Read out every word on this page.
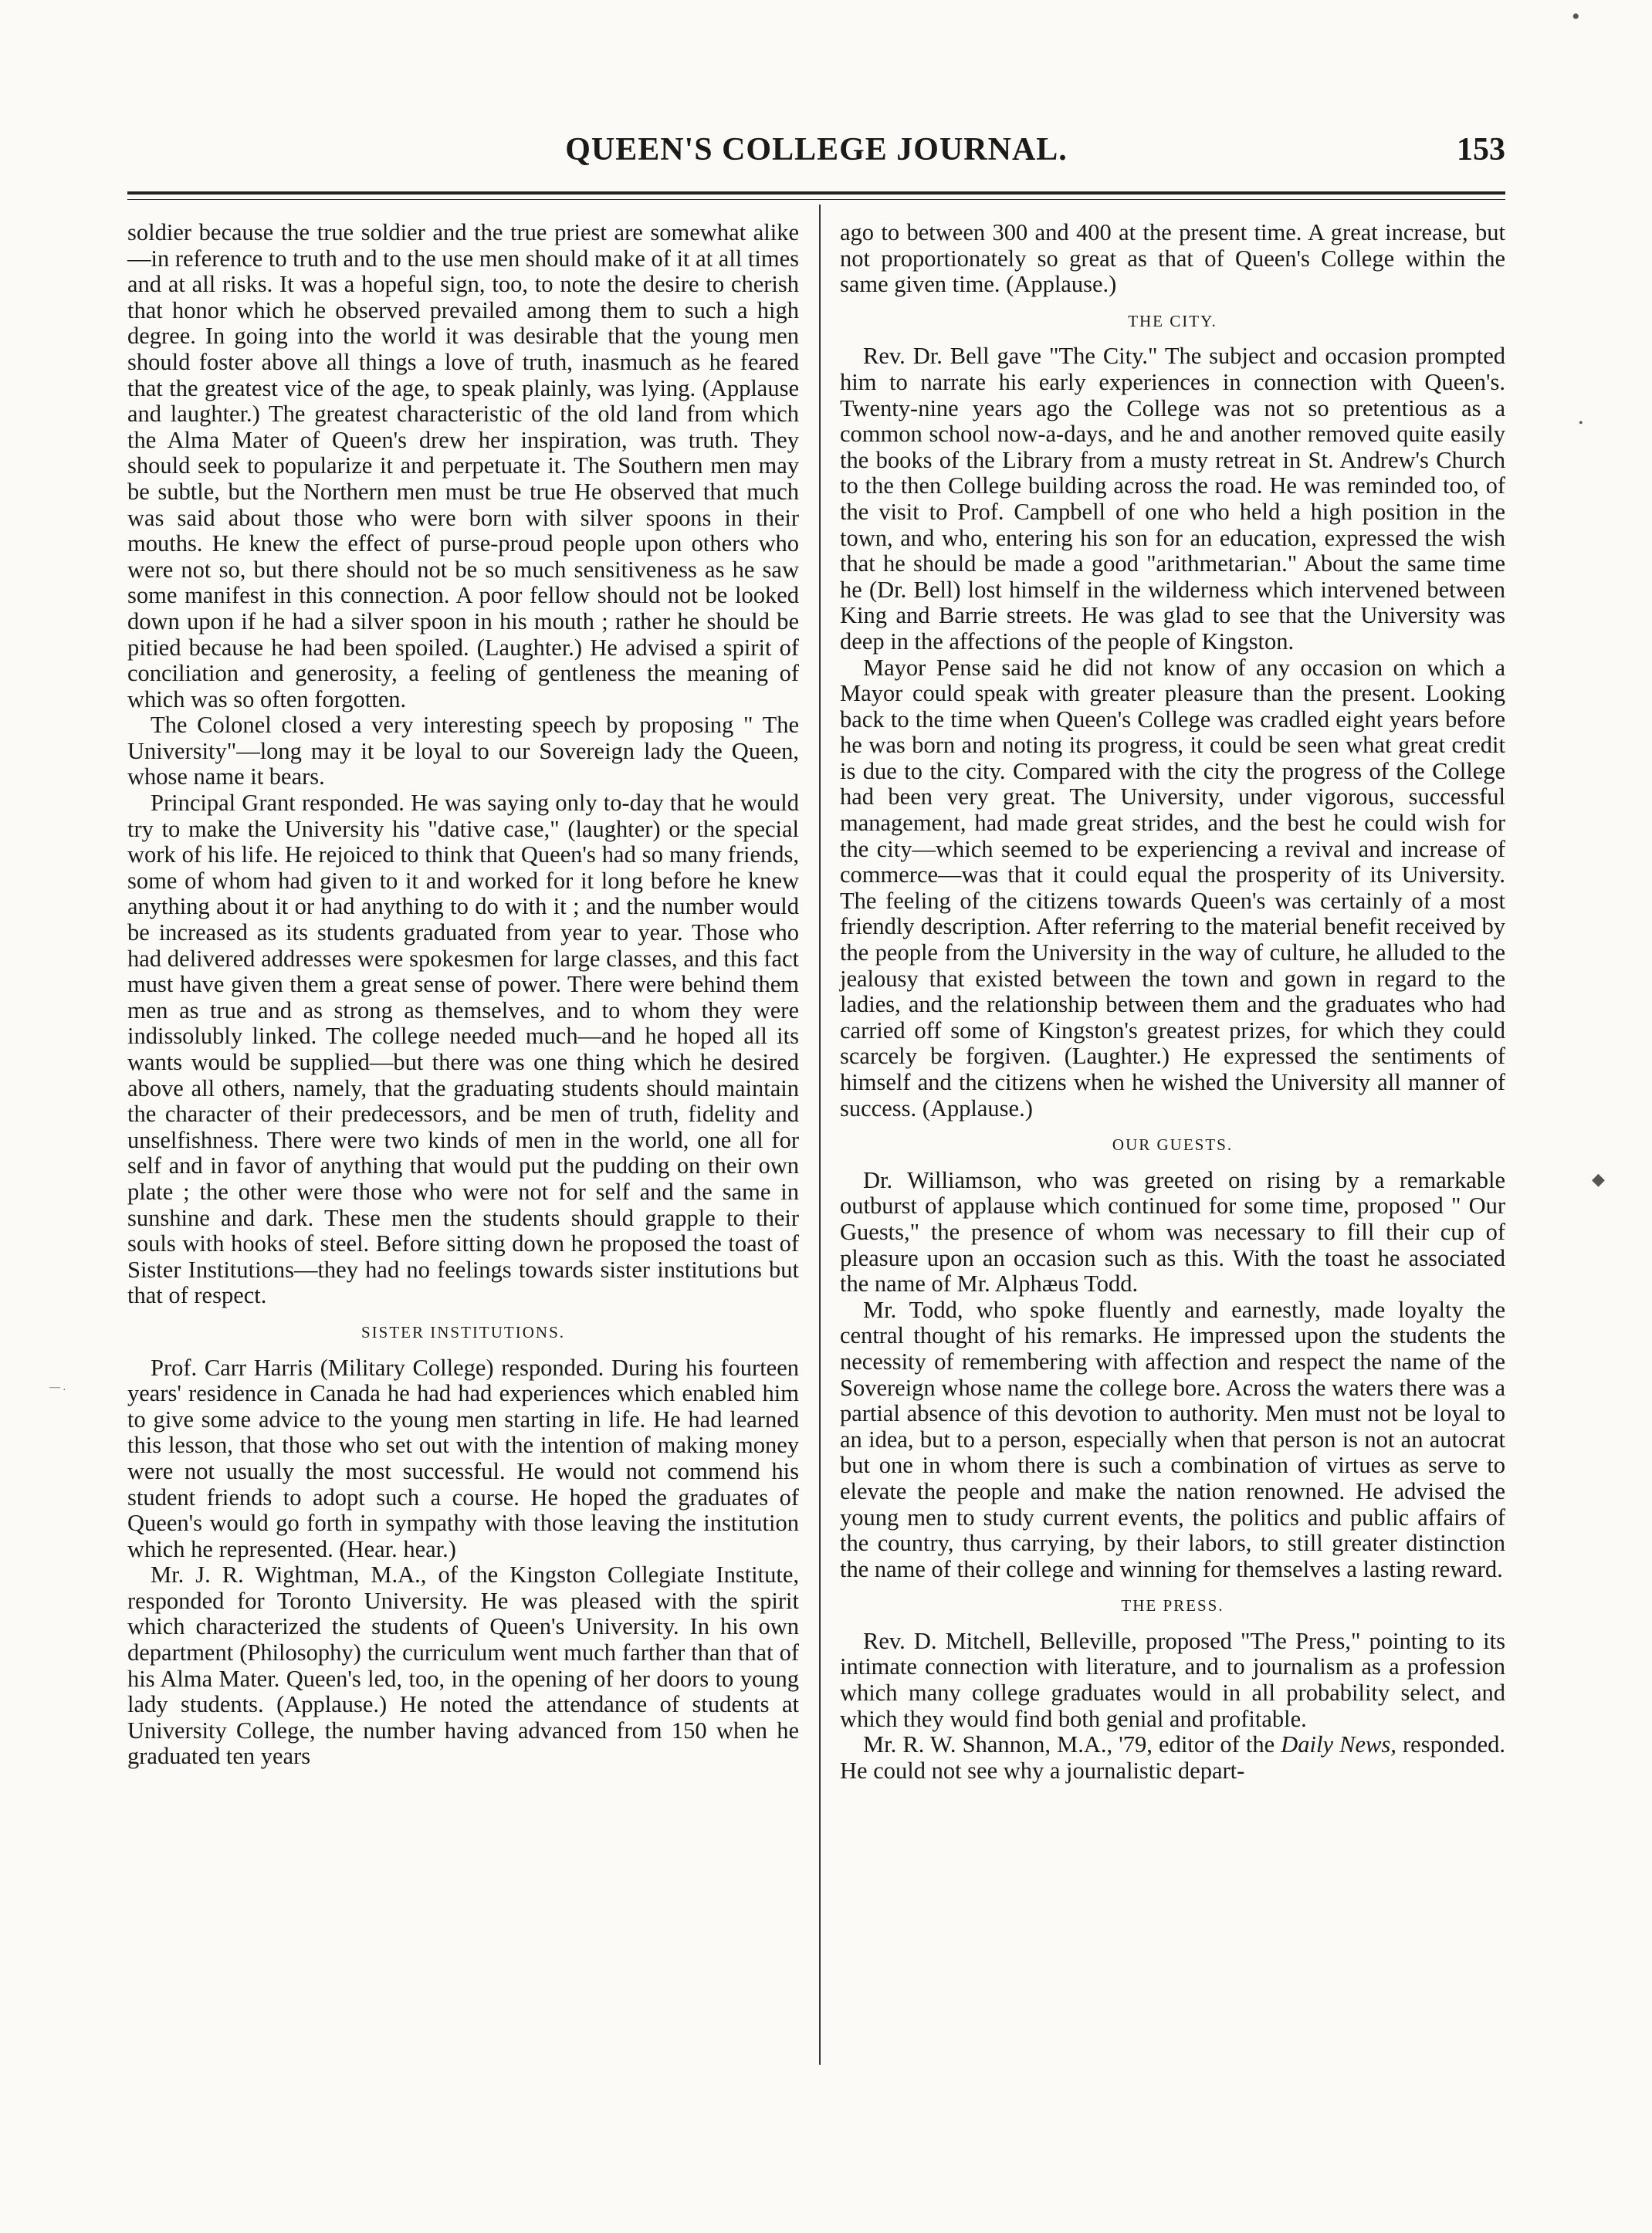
QUEEN'S COLLEGE JOURNAL.	153

soldier because the true soldier and the true priest are somewhat alike—in reference to truth and to the use men should make of it at all times and at all risks. It was a hopeful sign, too, to note the desire to cherish that honor which he observed prevailed among them to such a high degree. In going into the world it was desirable that the young men should foster above all things a love of truth, inasmuch as he feared that the greatest vice of the age, to speak plainly, was lying. (Applause and laughter.) The greatest characteristic of the old land from which the Alma Mater of Queen's drew her inspiration, was truth. They should seek to popularize it and perpetuate it. The Southern men may be subtle, but the Northern men must be true He observed that much was said about those who were born with silver spoons in their mouths. He knew the effect of purse-proud people upon others who were not so, but there should not be so much sensitiveness as he saw some manifest in this connection. A poor fellow should not be looked down upon if he had a silver spoon in his mouth ; rather he should be pitied because he had been spoiled. (Laughter.) He advised a spirit of conciliation and generosity, a feeling of gentleness the meaning of which was so often forgotten.

The Colonel closed a very interesting speech by proposing " The University"—long may it be loyal to our Sovereign lady the Queen, whose name it bears.

Principal Grant responded. He was saying only to-day that he would try to make the University his "dative case," (laughter) or the special work of his life. He rejoiced to think that Queen's had so many friends, some of whom had given to it and worked for it long before he knew anything about it or had anything to do with it ; and the number would be increased as its students graduated from year to year. Those who had delivered addresses were spokesmen for large classes, and this fact must have given them a great sense of power. There were behind them men as true and as strong as themselves, and to whom they were indissolubly linked. The college needed much—and he hoped all its wants would be supplied—but there was one thing which he desired above all others, namely, that the graduating students should maintain the character of their predecessors, and be men of truth, fidelity and unselfishness. There were two kinds of men in the world, one all for self and in favor of anything that would put the pudding on their own plate ; the other were those who were not for self and the same in sunshine and dark. These men the students should grapple to their souls with hooks of steel. Before sitting down he proposed the toast of Sister Institutions—they had no feelings towards sister institutions but that of respect.

SISTER INSTITUTIONS.

Prof. Carr Harris (Military College) responded. During his fourteen years' residence in Canada he had had experiences which enabled him to give some advice to the young men starting in life. He had learned this lesson, that those who set out with the intention of making money were not usually the most successful. He would not commend his student friends to adopt such a course. He hoped the graduates of Queen's would go forth in sympathy with those leaving the institution which he represented. (Hear. hear.)

Mr. J. R. Wightman, M.A., of the Kingston Collegiate Institute, responded for Toronto University. He was pleased with the spirit which characterized the students of Queen's University. In his own department (Philosophy) the curriculum went much farther than that of his Alma Mater. Queen's led, too, in the opening of her doors to young lady students. (Applause.) He noted the attendance of students at University College, the number having advanced from 150 when he graduated ten years

ago to between 300 and 400 at the present time. A great increase, but not proportionately so great as that of Queen's College within the same given time. (Applause.)

THE CITY.

Rev. Dr. Bell gave "The City." The subject and occasion prompted him to narrate his early experiences in connection with Queen's. Twenty-nine years ago the College was not so pretentious as a common school now-a-days, and he and another removed quite easily the books of the Library from a musty retreat in St. Andrew's Church to the then College building across the road. He was reminded too, of the visit to Prof. Campbell of one who held a high position in the town, and who, entering his son for an education, expressed the wish that he should be made a good "arithmetarian." About the same time he (Dr. Bell) lost himself in the wilderness which intervened between King and Barrie streets. He was glad to see that the University was deep in the affections of the people of Kingston.

Mayor Pense said he did not know of any occasion on which a Mayor could speak with greater pleasure than the present. Looking back to the time when Queen's College was cradled eight years before he was born and noting its progress, it could be seen what great credit is due to the city. Compared with the city the progress of the College had been very great. The University, under vigorous, successful management, had made great strides, and the best he could wish for the city—which seemed to be experiencing a revival and increase of commerce—was that it could equal the prosperity of its University. The feeling of the citizens towards Queen's was certainly of a most friendly description. After referring to the material benefit received by the people from the University in the way of culture, he alluded to the jealousy that existed between the town and gown in regard to the ladies, and the relationship between them and the graduates who had carried off some of Kingston's greatest prizes, for which they could scarcely be forgiven. (Laughter.) He expressed the sentiments of himself and the citizens when he wished the University all manner of success. (Applause.)

OUR GUESTS.

Dr. Williamson, who was greeted on rising by a remarkable outburst of applause which continued for some time, proposed " Our Guests," the presence of whom was necessary to fill their cup of pleasure upon an occasion such as this. With the toast he associated the name of Mr. Alphæus Todd.

Mr. Todd, who spoke fluently and earnestly, made loyalty the central thought of his remarks. He impressed upon the students the necessity of remembering with affection and respect the name of the Sovereign whose name the college bore. Across the waters there was a partial absence of this devotion to authority. Men must not be loyal to an idea, but to a person, especially when that person is not an autocrat but one in whom there is such a combination of virtues as serve to elevate the people and make the nation renowned. He advised the young men to study current events, the politics and public affairs of the country, thus carrying, by their labors, to still greater distinction the name of their college and winning for themselves a lasting reward.

THE PRESS.

Rev. D. Mitchell, Belleville, proposed "The Press," pointing to its intimate connection with literature, and to journalism as a profession which many college graduates would in all probability select, and which they would find both genial and profitable.

Mr. R. W. Shannon, M.A., '79, editor of the Daily News, responded. He could not see why a journalistic depart-

•
•
◆
— .
